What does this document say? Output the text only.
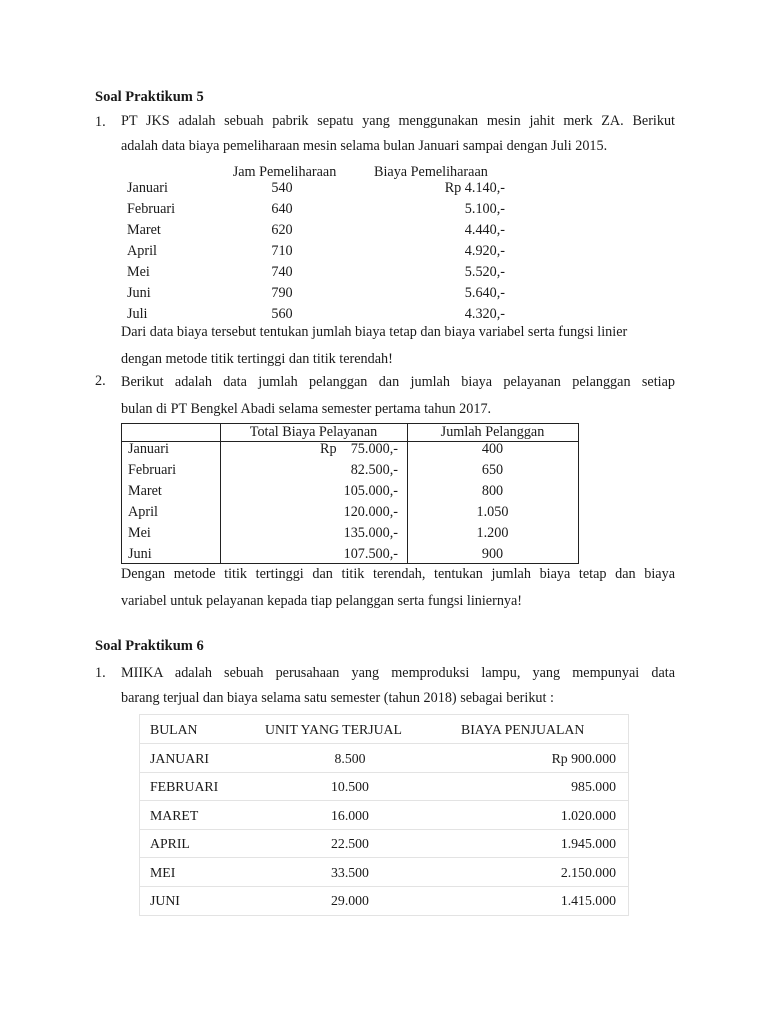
Soal Praktikum 5
1. PT JKS adalah sebuah pabrik sepatu yang menggunakan mesin jahit merk ZA. Berikut
adalah data biaya pemeliharaan mesin selama bulan Januari sampai dengan Juli 2015.
Jam Pemeliharaan	Biaya Pemeliharaan
Januari	540	Rp 4.140,-
Februari	640	5.100,-
Maret	620	4.440,-
April	710	4.920,-
Mei	740	5.520,-
Juni	790	5.640,-
Juli	560	4.320,-
Dari data biaya tersebut tentukan jumlah biaya tetap dan biaya variabel serta fungsi linier
dengan metode titik tertinggi dan titik terendah!
2. Berikut adalah data jumlah pelanggan dan jumlah biaya pelayanan pelanggan setiap
bulan di PT Bengkel Abadi selama semester pertama tahun 2017.
Total Biaya Pelayanan	Jumlah Pelanggan
Januari	Rp 75.000,-	400
Februari	82.500,-	650
Maret	105.000,-	800
April	120.000,-	1.050
Mei	135.000,-	1.200
Juni	107.500,-	900
Dengan metode titik tertinggi dan titik terendah, tentukan jumlah biaya tetap dan biaya
variabel untuk pelayanan kepada tiap pelanggan serta fungsi liniernya!
Soal Praktikum 6
1. MIIKA adalah sebuah perusahaan yang memproduksi lampu, yang mempunyai data
barang terjual dan biaya selama satu semester (tahun 2018) sebagai berikut :
BULAN	UNIT YANG TERJUAL	BIAYA PENJUALAN
JANUARI	8.500	Rp 900.000
FEBRUARI	10.500	985.000
MARET	16.000	1.020.000
APRIL	22.500	1.945.000
MEI	33.500	2.150.000
JUNI	29.000	1.415.000
